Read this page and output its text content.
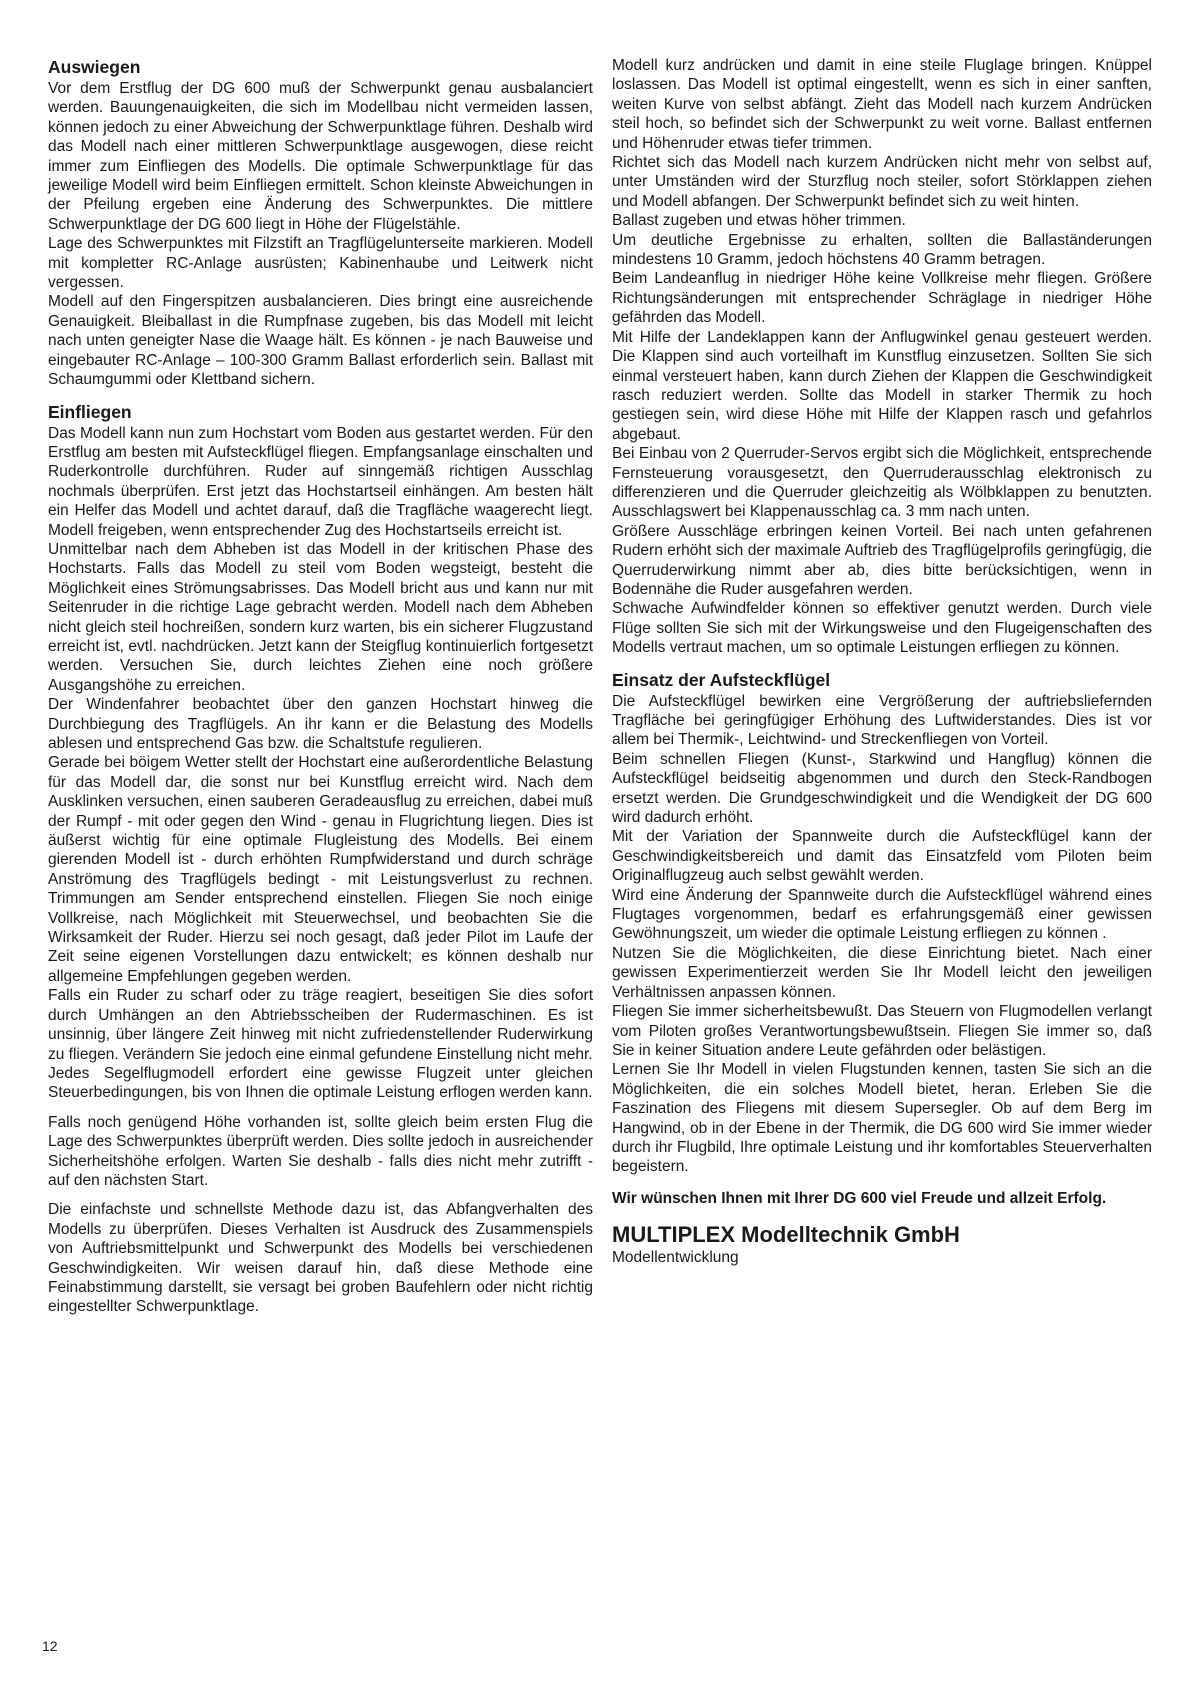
Auswiegen

Vor dem Erstflug der DG 600 muß der Schwerpunkt genau ausbalanciert werden. Bauungenauigkeiten, die sich im Modellbau nicht vermeiden lassen, können jedoch zu einer Abweichung der Schwerpunktlage führen. Deshalb wird das Modell nach einer mittleren Schwerpunktlage ausgewogen, diese reicht immer zum Einfliegen des Modells. Die optimale Schwerpunktlage für das jeweilige Modell wird beim Einfliegen ermittelt. Schon kleinste Abweichungen in der Pfeilung ergeben eine Änderung des Schwerpunktes. Die mittlere Schwerpunktlage der DG 600 liegt in Höhe der Flügelstähle.

Lage des Schwerpunktes mit Filzstift an Tragflügelunterseite markieren. Modell mit kompletter RC-Anlage ausrüsten; Kabinenhaube und Leitwerk nicht vergessen.

Modell auf den Fingerspitzen ausbalancieren. Dies bringt eine ausreichende Genauigkeit. Bleiballast in die Rumpfnase zugeben, bis das Modell mit leicht nach unten geneigter Nase die Waage hält. Es können - je nach Bauweise und eingebauter RC-Anlage – 100-300 Gramm Ballast erforderlich sein. Ballast mit Schaumgummi oder Klettband sichern.

Einfliegen

Das Modell kann nun zum Hochstart vom Boden aus gestartet werden. Für den Erstflug am besten mit Aufsteckflügel fliegen. Empfangsanlage einschalten und Ruderkontrolle durchführen. Ruder auf sinngemäß richtigen Ausschlag nochmals überprüfen. Erst jetzt das Hochstartseil einhängen. Am besten hält ein Helfer das Modell und achtet darauf, daß die Tragfläche waagerecht liegt. Modell freigeben, wenn entsprechender Zug des Hochstartseils erreicht ist.

Unmittelbar nach dem Abheben ist das Modell in der kritischen Phase des Hochstarts. Falls das Modell zu steil vom Boden wegsteigt, besteht die Möglichkeit eines Strömungsabrisses. Das Modell bricht aus und kann nur mit Seitenruder in die richtige Lage gebracht werden. Modell nach dem Abheben nicht gleich steil hochreißen, sondern kurz warten, bis ein sicherer Flugzustand erreicht ist, evtl. nachdrücken. Jetzt kann der Steigflug kontinuierlich fortgesetzt werden. Versuchen Sie, durch leichtes Ziehen eine noch größere Ausgangshöhe zu erreichen.

Der Windenfahrer beobachtet über den ganzen Hochstart hinweg die Durchbiegung des Tragflügels. An ihr kann er die Belastung des Modells ablesen und entsprechend Gas bzw. die Schaltstufe regulieren.

Gerade bei böigem Wetter stellt der Hochstart eine außerordentliche Belastung für das Modell dar, die sonst nur bei Kunstflug erreicht wird. Nach dem Ausklinken versuchen, einen sauberen Geradeausflug zu erreichen, dabei muß der Rumpf - mit oder gegen den Wind - genau in Flugrichtung liegen. Dies ist äußerst wichtig für eine optimale Flugleistung des Modells. Bei einem gierenden Modell ist - durch erhöhten Rumpfwiderstand und durch schräge Anströmung des Tragflügels bedingt - mit Leistungsverlust zu rechnen. Trimmungen am Sender entsprechend einstellen. Fliegen Sie noch einige Vollkreise, nach Möglichkeit mit Steuerwechsel, und beobachten Sie die Wirksamkeit der Ruder. Hierzu sei noch gesagt, daß jeder Pilot im Laufe der Zeit seine eigenen Vorstellungen dazu entwickelt; es können deshalb nur allgemeine Empfehlungen gegeben werden.

Falls ein Ruder zu scharf oder zu träge reagiert, beseitigen Sie dies sofort durch Umhängen an den Abtriebsscheiben der Rudermaschinen. Es ist unsinnig, über längere Zeit hinweg mit nicht zufriedenstellender Ruderwirkung zu fliegen. Verändern Sie jedoch eine einmal gefundene Einstellung nicht mehr.

Jedes Segelflugmodell erfordert eine gewisse Flugzeit unter gleichen Steuerbedingungen, bis von Ihnen die optimale Leistung erflogen werden kann.

Falls noch genügend Höhe vorhanden ist, sollte gleich beim ersten Flug die Lage des Schwerpunktes überprüft werden. Dies sollte jedoch in ausreichender Sicherheitshöhe erfolgen. Warten Sie deshalb - falls dies nicht mehr zutrifft - auf den nächsten Start.

Die einfachste und schnellste Methode dazu ist, das Abfangverhalten des Modells zu überprüfen. Dieses Verhalten ist Ausdruck des Zusammenspiels von Auftriebsmittelpunkt und Schwerpunkt des Modells bei verschiedenen Geschwindigkeiten. Wir weisen darauf hin, daß diese Methode eine Feinabstimmung darstellt, sie versagt bei groben Baufehlern oder nicht richtig eingestellter Schwerpunktlage.

Modell kurz andrücken und damit in eine steile Fluglage bringen. Knüppel loslassen. Das Modell ist optimal eingestellt, wenn es sich in einer sanften, weiten Kurve von selbst abfängt. Zieht das Modell nach kurzem Andrücken steil hoch, so befindet sich der Schwerpunkt zu weit vorne. Ballast entfernen und Höhenruder etwas tiefer trimmen.

Richtet sich das Modell nach kurzem Andrücken nicht mehr von selbst auf, unter Umständen wird der Sturzflug noch steiler, sofort Störklappen ziehen und Modell abfangen. Der Schwerpunkt befindet sich zu weit hinten.

Ballast zugeben und etwas höher trimmen.

Um deutliche Ergebnisse zu erhalten, sollten die Ballaständerungen mindestens 10 Gramm, jedoch höchstens 40 Gramm betragen.

Beim Landeanflug in niedriger Höhe keine Vollkreise mehr fliegen. Größere Richtungsänderungen mit entsprechender Schräglage in niedriger Höhe gefährden das Modell.

Mit Hilfe der Landeklappen kann der Anflugwinkel genau gesteuert werden. Die Klappen sind auch vorteilhaft im Kunstflug einzusetzen. Sollten Sie sich einmal versteuert haben, kann durch Ziehen der Klappen die Geschwindigkeit rasch reduziert werden. Sollte das Modell in starker Thermik zu hoch gestiegen sein, wird diese Höhe mit Hilfe der Klappen rasch und gefahrlos abgebaut.

Bei Einbau von 2 Querruder-Servos ergibt sich die Möglichkeit, entsprechende Fernsteuerung vorausgesetzt, den Querruderausschlag elektronisch zu differenzieren und die Querruder gleichzeitig als Wölbklappen zu benutzten. Ausschlagswert bei Klappenausschlag ca. 3 mm nach unten.

Größere Ausschläge erbringen keinen Vorteil. Bei nach unten gefahrenen Rudern erhöht sich der maximale Auftrieb des Tragflügelprofils geringfügig, die Querruderwirkung nimmt aber ab, dies bitte berücksichtigen, wenn in Bodennähe die Ruder ausgefahren werden.

Schwache Aufwindfelder können so effektiver genutzt werden. Durch viele Flüge sollten Sie sich mit der Wirkungsweise und den Flugeigenschaften des Modells vertraut machen, um so optimale Leistungen erfliegen zu können.

Einsatz der Aufsteckflügel

Die Aufsteckflügel bewirken eine Vergrößerung der auftriebsliefernden Tragfläche bei geringfügiger Erhöhung des Luftwiderstandes. Dies ist vor allem bei Thermik-, Leichtwind- und Streckenfliegen von Vorteil.

Beim schnellen Fliegen (Kunst-, Starkwind und Hangflug) können die Aufsteckflügel beidseitig abgenommen und durch den Steck-Randbogen ersetzt werden. Die Grundgeschwindigkeit und die Wendigkeit der DG 600 wird dadurch erhöht.

Mit der Variation der Spannweite durch die Aufsteckflügel kann der Geschwindigkeitsbereich und damit das Einsatzfeld vom Piloten beim Originalflugzeug auch selbst gewählt werden.

Wird eine Änderung der Spannweite durch die Aufsteckflügel während eines Flugtages vorgenommen, bedarf es erfahrungsgemäß einer gewissen Gewöhnungszeit, um wieder die optimale Leistung erfliegen zu können .

Nutzen Sie die Möglichkeiten, die diese Einrichtung bietet. Nach einer gewissen Experimentierzeit werden Sie Ihr Modell leicht den jeweiligen Verhältnissen anpassen können.

Fliegen Sie immer sicherheitsbewußt. Das Steuern von Flugmodellen verlangt vom Piloten großes Verantwortungsbewußtsein. Fliegen Sie immer so, daß Sie in keiner Situation andere Leute gefährden oder belästigen.

Lernen Sie Ihr Modell in vielen Flugstunden kennen, tasten Sie sich an die Möglichkeiten, die ein solches Modell bietet, heran. Erleben Sie die Faszination des Fliegens mit diesem Supersegler. Ob auf dem Berg im Hangwind, ob in der Ebene in der Thermik, die DG 600 wird Sie immer wieder durch ihr Flugbild, Ihre optimale Leistung und ihr komfortables Steuerverhalten begeistern.

Wir wünschen Ihnen mit Ihrer DG 600 viel Freude und allzeit Erfolg.

MULTIPLEX Modelltechnik GmbH

Modellentwicklung

12
